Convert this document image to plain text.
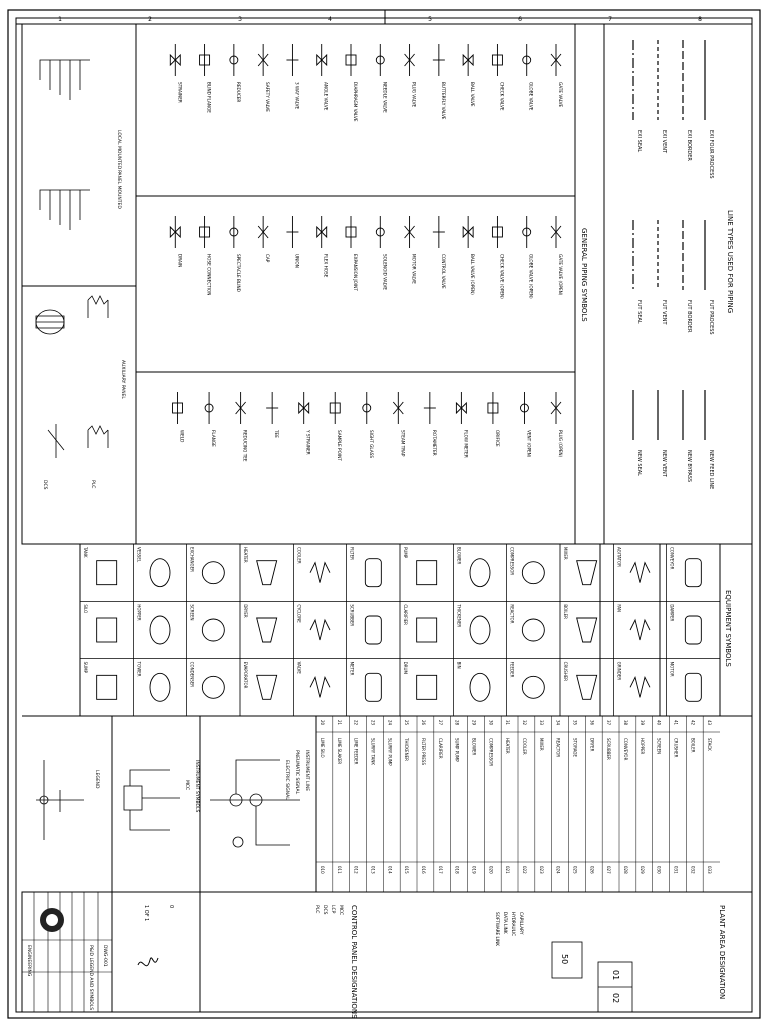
1	2	3	4	5	6	7	8
LINE TYPES USED FOR PIPING
EXI FOUR PROCESS
EXI BORDER
EXI VENT
EXI SEAL
FUT PROCESS
FUT BORDER
FUT VENT
FUT SEAL
NEW FEED LINE
NEW BYPASS
NEW VENT
NEW SEAL
GENERAL PIPING SYMBOLS
GATE VALVE
GLOBE VALVE
CHECK VALVE
BALL VALVE
BUTTERFLY VALVE
PLUG VALVE
NEEDLE VALVE
DIAPHRAGM VALVE
ANGLE VALVE
3 WAY VALVE
SAFETY VALVE
REDUCER
BLIND FLANGE
STRAINER
GATE VALVE (OPEN)
GLOBE VALVE (OPEN)
CHECK VALVE (OPEN)
BALL VALVE (OPEN)
CONTROL VALVE
MOTOR VALVE
SOLENOID VALVE
EXPANSION JOINT
FLEX HOSE
UNION
CAP
SPECTACLE BLIND
HOSE CONNECTION
DRAIN
PLUG (OPEN)
VENT (OPEN)
ORIFICE
FLOW METER
ROTAMETER
STEAM TRAP
SIGHT GLASS
SAMPLE POINT
Y STRAINER
TEE
REDUCING TEE
FLANGE
WELD
LOCAL MOUNTED
PANEL MOUNTED
AUXILIARY PANEL
DCS	PLC
EQUIPMENT SYMBOLS
TANK	VESSEL	EXCHANGER	HEATER	COOLER	FILTER	PUMP	BLOWER	COMPRESSOR	MIXER	AGITATOR	CONVEYOR
SILO	HOPPER	SCREEN	DRYER	CYCLONE	SCRUBBER	CLARIFIER	THICKENER	REACTOR	BOILER	FAN	DAMPER
SUMP	TOWER	CONDENSER	EVAPORATOR	VALVE	METER	DRUM	BIN	FEEDER	CRUSHER	GRINDER	MOTOR
PLANT AREA DESIGNATION
20
LIME SILO
010
21
LIME SLAKER
011
22
LIME FEEDER
012
23
SLURRY TANK
013
24
SLURRY PUMP
014
25
THICKENER
015
26
FILTER PRESS
016
27
CLARIFIER
017
28
SUMP PUMP
018
29
BLOWER
019
30
COMPRESSOR
020
31
HEATER
021
32
COOLER
022
33
MIXER
023
34
REACTOR
024
35
STORAGE
025
36
DRYER
026
37
SCRUBBER
027
38
CONVEYOR
028
39
HOPPER
029
40
SCREEN
030
41
CRUSHER
031
42
BOILER
032
43
STACK
033
LEGEND	MCC INSTRUMENT SYMBOLS	INSTRUMENT LINE
PNEUMATIC SIGNAL
ELECTRIC SIGNAL
CONTROL PANEL DESIGNATIONS
MCC
LCP
DCS
PLC
CAPILLARY
HYDRAULIC
DATA LINK
SOFTWARE LINK
50
01
02
ENGINEERING	P&ID LEGEND AND SYMBOLS DWG-001
1 OF 1	0
